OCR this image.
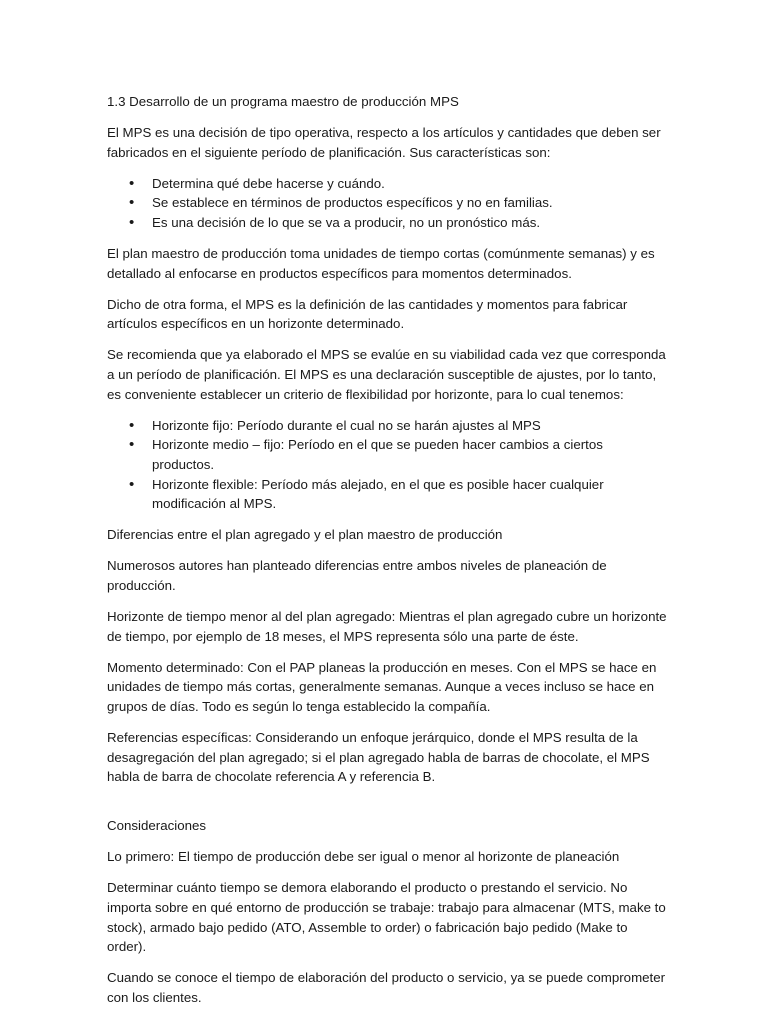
1.3 Desarrollo de un programa maestro de producción MPS

El MPS es una decisión de tipo operativa, respecto a los artículos y cantidades que deben ser fabricados en el siguiente período de planificación. Sus características son:

• Determina qué debe hacerse y cuándo.
• Se establece en términos de productos específicos y no en familias.
• Es una decisión de lo que se va a producir, no un pronóstico más.

El plan maestro de producción toma unidades de tiempo cortas (comúnmente semanas) y es detallado al enfocarse en productos específicos para momentos determinados.

Dicho de otra forma, el MPS es la definición de las cantidades y momentos para fabricar artículos específicos en un horizonte determinado.

Se recomienda que ya elaborado el MPS se evalúe en su viabilidad cada vez que corresponda a un período de planificación. El MPS es una declaración susceptible de ajustes, por lo tanto, es conveniente establecer un criterio de flexibilidad por horizonte, para lo cual tenemos:

• Horizonte fijo: Período durante el cual no se harán ajustes al MPS
• Horizonte medio – fijo: Período en el que se pueden hacer cambios a ciertos productos.
• Horizonte flexible: Período más alejado, en el que es posible hacer cualquier modificación al MPS.

Diferencias entre el plan agregado y el plan maestro de producción

Numerosos autores han planteado diferencias entre ambos niveles de planeación de producción.

Horizonte de tiempo menor al del plan agregado: Mientras el plan agregado cubre un horizonte de tiempo, por ejemplo de 18 meses, el MPS representa sólo una parte de éste.

Momento determinado: Con el PAP planeas la producción en meses. Con el MPS se hace en unidades de tiempo más cortas, generalmente semanas. Aunque a veces incluso se hace en grupos de días. Todo es según lo tenga establecido la compañía.

Referencias específicas: Considerando un enfoque jerárquico, donde el MPS resulta de la desagregación del plan agregado; si el plan agregado habla de barras de chocolate, el MPS habla de barra de chocolate referencia A y referencia B.

Consideraciones

Lo primero: El tiempo de producción debe ser igual o menor al horizonte de planeación

Determinar cuánto tiempo se demora elaborando el producto o prestando el servicio. No importa sobre en qué entorno de producción se trabaje: trabajo para almacenar (MTS, make to stock), armado bajo pedido (ATO, Assemble to order) o fabricación bajo pedido (Make to order).

Cuando se conoce el tiempo de elaboración del producto o servicio, ya se puede comprometer con los clientes.
